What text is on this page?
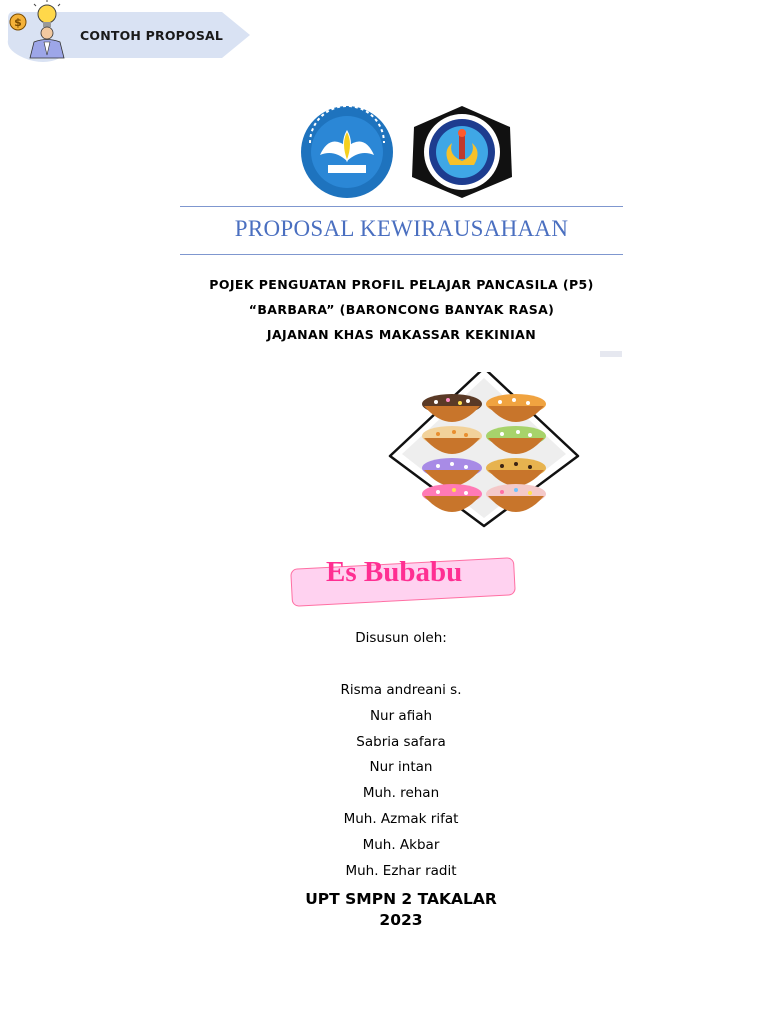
$
CONTOH PROPOSAL
PROPOSAL KEWIRAUSAHAAN
POJEK PENGUATAN PROFIL PELAJAR PANCASILA (P5)
“BARBARA” (BARONCONG BANYAK RASA)
JAJANAN KHAS MAKASSAR KEKINIAN
Es Bubabu
Disusun oleh:
Risma andreani s.
Nur afiah
Sabria safara
Nur intan
Muh. rehan
Muh. Azmak rifat
Muh. Akbar
Muh. Ezhar radit
UPT SMPN 2 TAKALAR
2023
